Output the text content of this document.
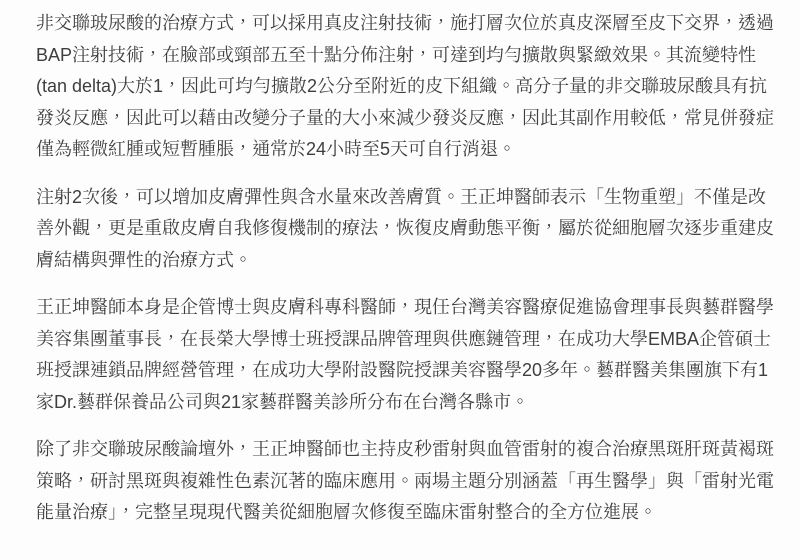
非交聯玻尿酸的治療方式，可以採用真皮注射技術，施打層次位於真皮深層至皮下交界，透過BAP注射技術，在臉部或頸部五至十點分佈注射，可達到均勻擴散與緊緻效果。其流變特性(tan delta)大於1，因此可均勻擴散2公分至附近的皮下組織。高分子量的非交聯玻尿酸具有抗發炎反應，因此可以藉由改變分子量的大小來減少發炎反應，因此其副作用較低，常見併發症僅為輕微紅腫或短暫腫脹，通常於24小時至5天可自行消退。

注射2次後，可以增加皮膚彈性與含水量來改善膚質。王正坤醫師表示「生物重塑」不僅是改善外觀，更是重啟皮膚自我修復機制的療法，恢復皮膚動態平衡，屬於從細胞層次逐步重建皮膚結構與彈性的治療方式。

王正坤醫師本身是企管博士與皮膚科專科醫師，現任台灣美容醫療促進協會理事長與藝群醫學美容集團董事長，在長榮大學博士班授課品牌管理與供應鏈管理，在成功大學EMBA企管碩士班授課連鎖品牌經營管理，在成功大學附設醫院授課美容醫學20多年。藝群醫美集團旗下有1家Dr.藝群保養品公司與21家藝群醫美診所分布在台灣各縣市。

除了非交聯玻尿酸論壇外，王正坤醫師也主持皮秒雷射與血管雷射的複合治療黑斑肝斑黃褐斑策略，研討黑斑與複雜性色素沉著的臨床應用。兩場主題分別涵蓋「再生醫學」與「雷射光電能量治療」，完整呈現現代醫美從細胞層次修復至臨床雷射整合的全方位進展。
